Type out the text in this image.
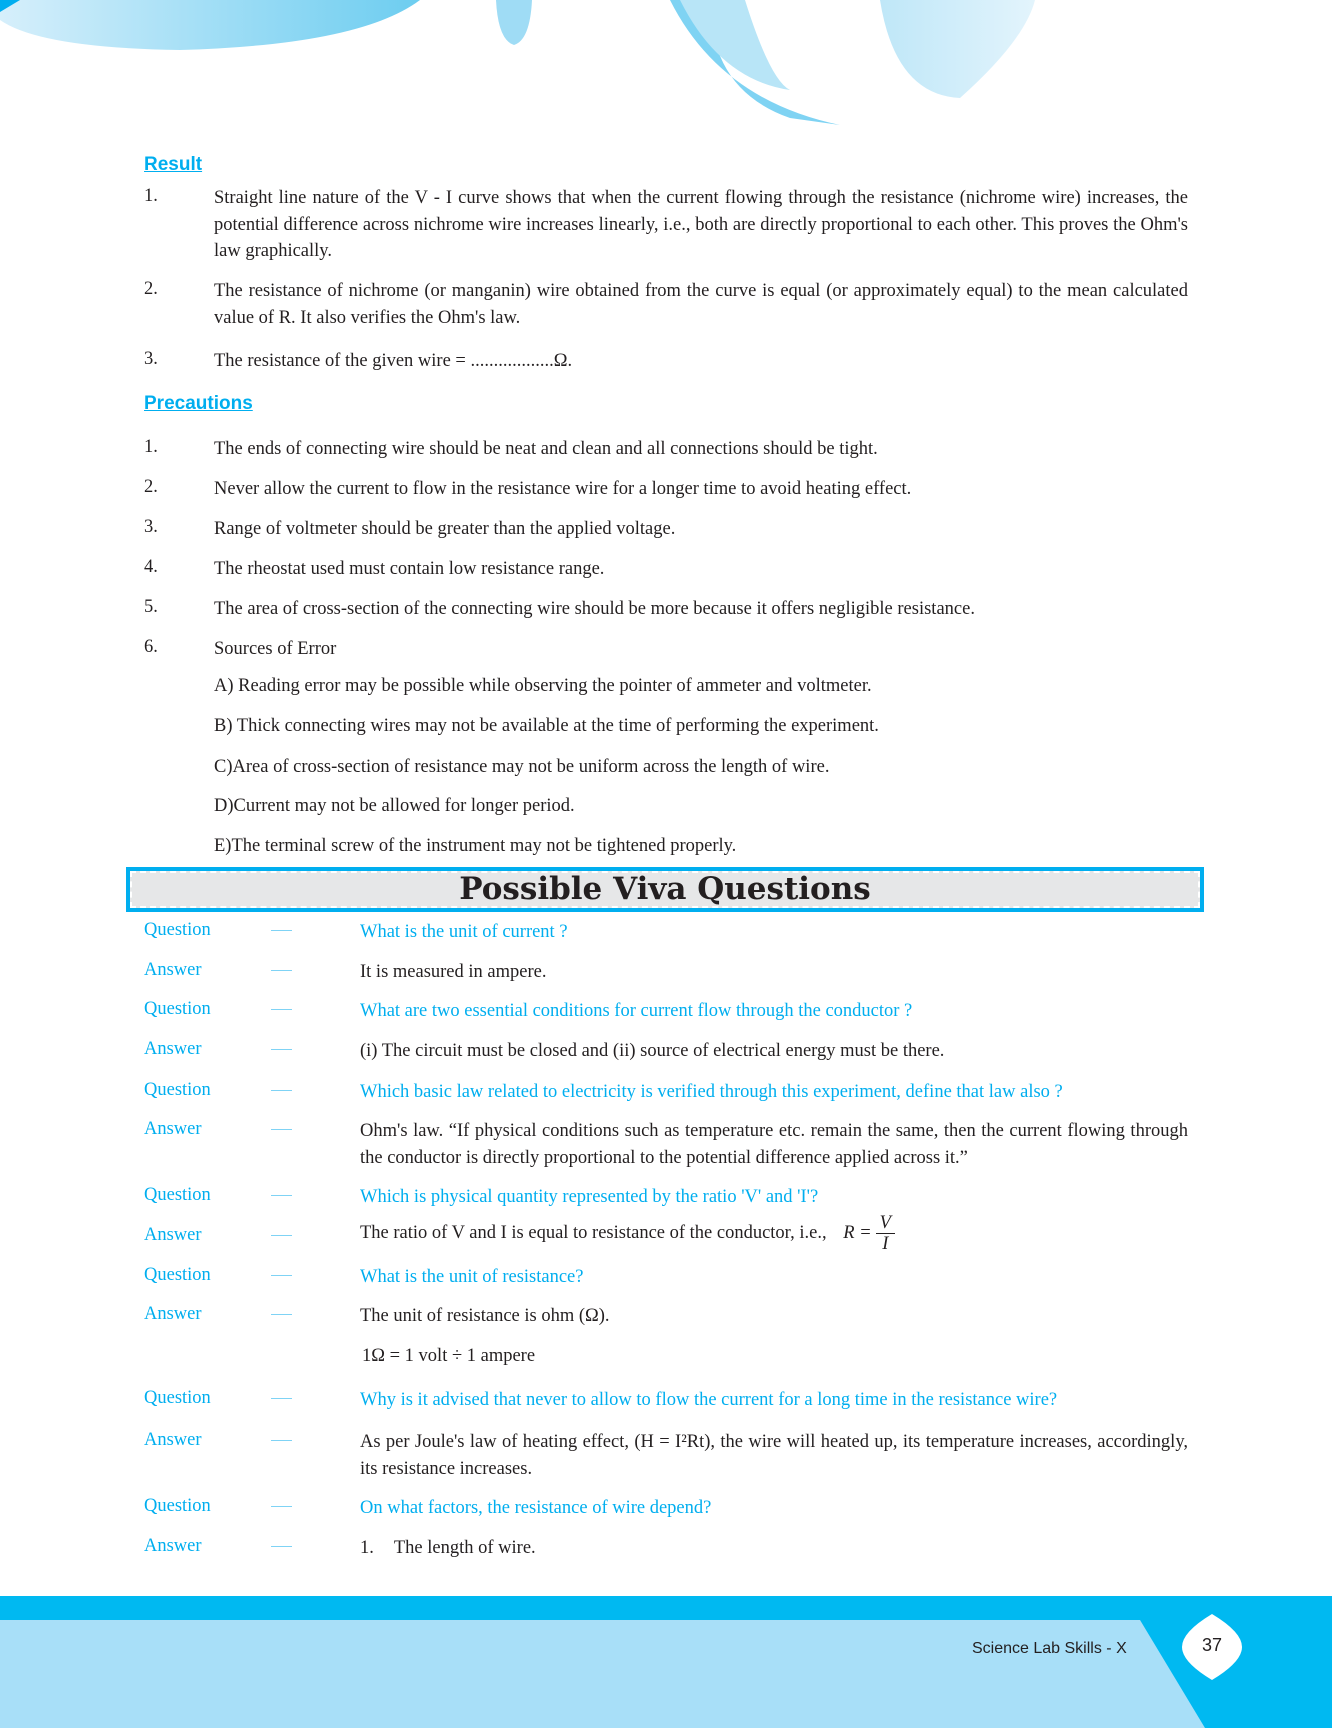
Result
1.	Straight line nature of the V - I curve shows that when the current flowing through the resistance (nichrome wire) increases, the potential difference across nichrome wire increases linearly, i.e., both are directly proportional to each other. This proves the Ohm's law graphically.
2.	The resistance of nichrome (or manganin) wire obtained from the curve is equal (or approximately equal) to the mean calculated value of R. It also verifies the Ohm's law.
3.	The resistance of the given wire = ..................Ω.
Precautions
1.	The ends of connecting wire should be neat and clean and all connections should be tight.
2.	Never allow the current to flow in the resistance wire for a longer time to avoid heating effect.
3.	Range of voltmeter should be greater than the applied voltage.
4.	The rheostat used must contain low resistance range.
5.	The area of cross-section of the connecting wire should be more because it offers negligible resistance.
6.	Sources of Error
A) Reading error may be possible while observing the pointer of ammeter and voltmeter.
B) Thick connecting wires may not be available at the time of performing the experiment.
C)Area of cross-section of resistance may not be uniform across the length of wire.
D)Current may not be allowed for longer period.
E)The terminal screw of the instrument may not be tightened properly.
Possible Viva Questions
Question	What is the unit of current ?
Answer	It is measured in ampere.
Question	What are two essential conditions for current flow through the conductor ?
Answer	(i) The circuit must be closed and (ii) source of electrical energy must be there.
Question	Which basic law related to electricity is verified through this experiment, define that law also ?
Answer	Ohm's law. “If physical conditions such as temperature etc. remain the same, then the current flowing through the conductor is directly proportional to the potential difference applied across it.”
Question	Which is physical quantity represented by the ratio 'V' and 'I'?
Answer	The ratio of V and I is equal to resistance of the conductor, i.e., $R = \frac{V}{I}$
Question	What is the unit of resistance?
Answer	The unit of resistance is ohm (Ω).
1Ω = 1 volt ÷ 1 ampere
Question	Why is it advised that never to allow to flow the current for a long time in the resistance wire?
Answer	As per Joule's law of heating effect, (H = I²Rt), the wire will heated up, its temperature increases, accordingly, its resistance increases.
Question	On what factors, the resistance of wire depend?
Answer	1. The length of wire.
Science Lab Skills - X	37
